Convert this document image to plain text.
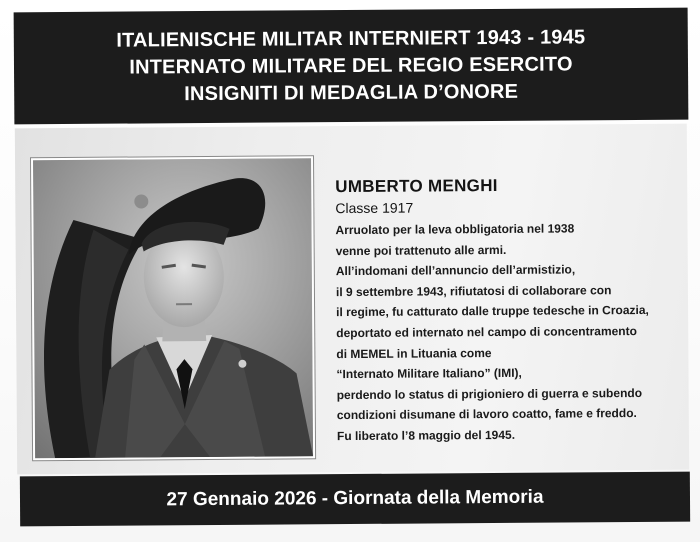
ITALIENISCHE MILITAR INTERNIERT 1943 - 1945
INTERNATO MILITARE DEL REGIO ESERCITO
INSIGNITI DI MEDAGLIA D’ONORE
UMBERTO MENGHI
Classe 1917
Arruolato per la leva obbligatoria nel 1938
venne poi trattenuto alle armi.
All’indomani dell’annuncio dell’armistizio,
il 9 settembre 1943, rifiutatosi di collaborare con
il regime, fu catturato dalle truppe tedesche in Croazia,
deportato ed internato nel campo di concentramento
di MEMEL in Lituania come
“Internato Militare Italiano” (IMI),
perdendo lo status di prigioniero di guerra e subendo
condizioni disumane di lavoro coatto, fame e freddo.
Fu liberato l’8 maggio del 1945.
27 Gennaio 2026 - Giornata della Memoria
